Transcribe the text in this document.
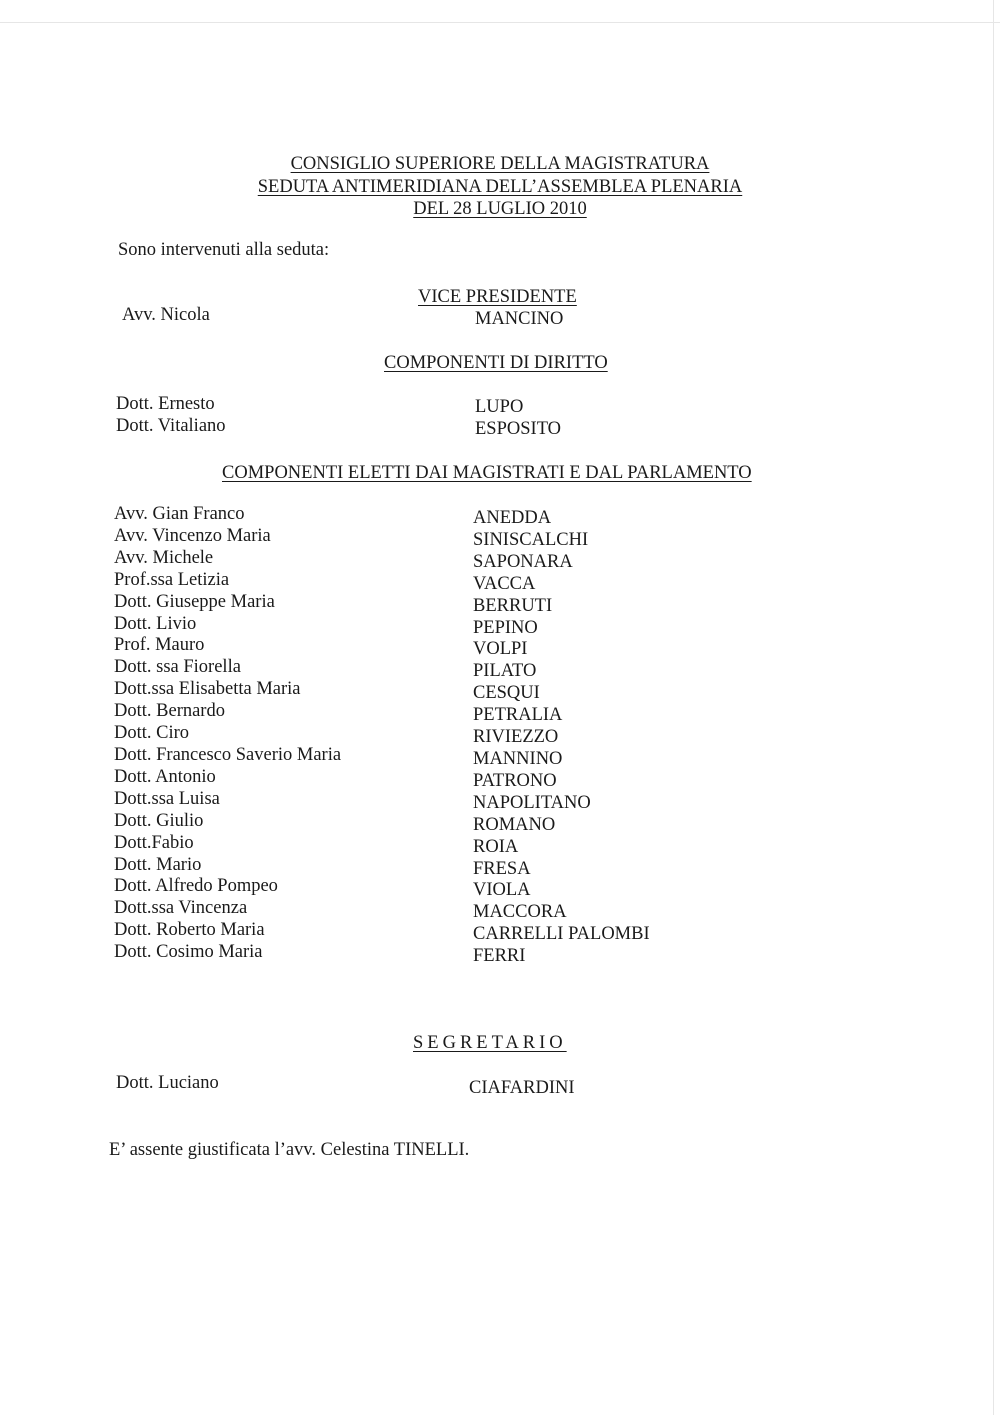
CONSIGLIO SUPERIORE DELLA MAGISTRATURA
SEDUTA ANTIMERIDIANA DELL’ASSEMBLEA PLENARIA
DEL 28 LUGLIO 2010
Sono intervenuti alla seduta:
VICE PRESIDENTE
Avv. Nicola	MANCINO
COMPONENTI DI DIRITTO
Dott. Ernesto
Dott. Vitaliano
LUPO
ESPOSITO
COMPONENTI ELETTI DAI MAGISTRATI E DAL PARLAMENTO
Avv. Gian Franco
Avv. Vincenzo Maria
Avv. Michele
Prof.ssa Letizia
Dott. Giuseppe Maria
Dott. Livio
Prof. Mauro
Dott. ssa Fiorella
Dott.ssa Elisabetta Maria
Dott. Bernardo
Dott. Ciro
Dott. Francesco Saverio Maria
Dott. Antonio
Dott.ssa Luisa
Dott. Giulio
Dott.Fabio
Dott. Mario
Dott. Alfredo Pompeo
Dott.ssa Vincenza
Dott. Roberto Maria
Dott. Cosimo Maria
ANEDDA
SINISCALCHI
SAPONARA
VACCA
BERRUTI
PEPINO
VOLPI
PILATO
CESQUI
PETRALIA
RIVIEZZO
MANNINO
PATRONO
NAPOLITANO
ROMANO
ROIA
FRESA
VIOLA
MACCORA
CARRELLI PALOMBI
FERRI
SEGRETARIO
Dott. Luciano	CIAFARDINI
E’ assente giustificata l’avv. Celestina TINELLI.
